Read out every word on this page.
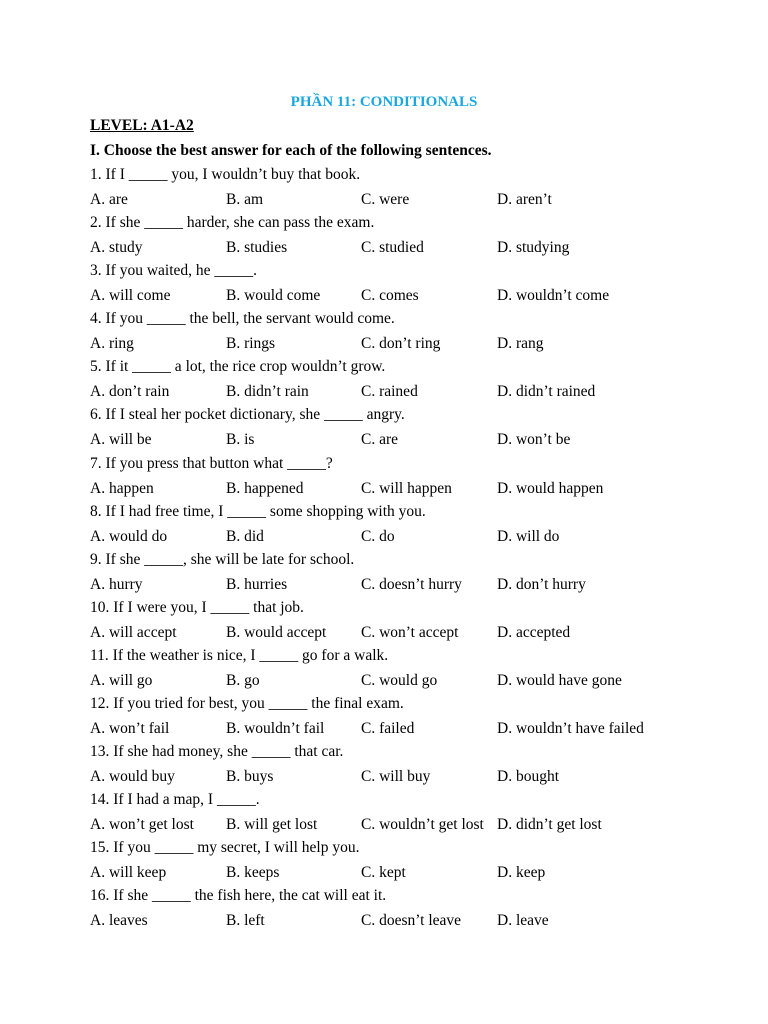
PHẦN 11: CONDITIONALS
LEVEL: A1-A2
I. Choose the best answer for each of the following sentences.
1. If I _____ you, I wouldn’t buy that book.
A. are	B. am	C. were	D. aren’t
2. If she _____ harder, she can pass the exam.
A. study	B. studies	C. studied	D. studying
3. If you waited, he _____.
A. will come	B. would come	C. comes	D. wouldn’t come
4. If you _____ the bell, the servant would come.
A. ring	B. rings	C. don’t ring	D. rang
5. If it _____ a lot, the rice crop wouldn’t grow.
A. don’t rain	B. didn’t rain	C. rained	D. didn’t rained
6. If I steal her pocket dictionary, she _____ angry.
A. will be	B. is	C. are	D. won’t be
7. If you press that button what _____?
A. happen	B. happened	C. will happen	D. would happen
8. If I had free time, I _____ some shopping with you.
A. would do	B. did	C. do	D. will do
9. If she _____, she will be late for school.
A. hurry	B. hurries	C. doesn’t hurry D. don’t hurry
10. If I were you, I _____ that job.
A. will accept	B. would accept C. won’t accept D. accepted
11. If the weather is nice, I _____ go for a walk.
A. will go	B. go	C. would go	D. would have gone
12. If you tried for best, you _____ the final exam.
A. won’t fail	B. wouldn’t fail C. failed	D. wouldn’t have failed
13. If she had money, she _____ that car.
A. would buy	B. buys	C. will buy	D. bought
14. If I had a map, I _____.
A. won’t get lost B. will get lost	C. wouldn’t get lost D. didn’t get lost
15. If you _____ my secret, I will help you.
A. will keep	B. keeps	C. kept	D. keep
16. If she _____ the fish here, the cat will eat it.
A. leaves	B. left	C. doesn’t leave D. leave
